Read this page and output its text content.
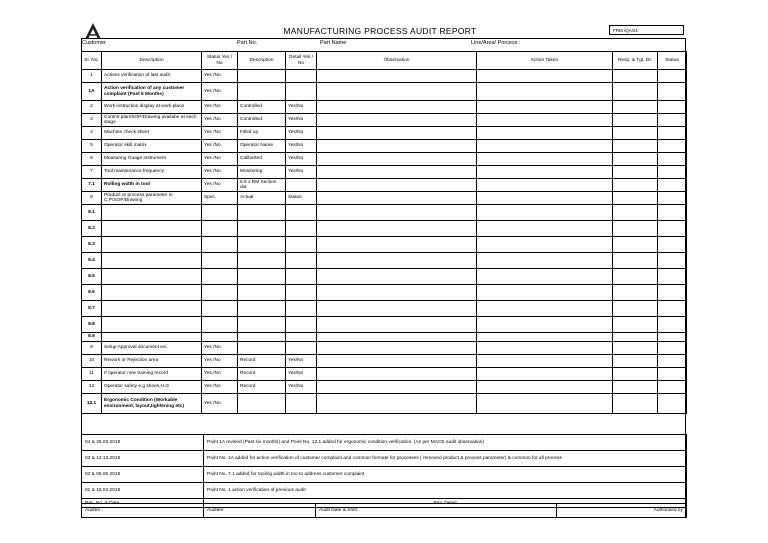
MANUFACTURING PROCESS AUDIT REPORT	FRM /QA/21
Customer	Part No.	Part Name	Line/Area/ Porcess :
Sl. No.	Description	Status Yes / No	Description	Detail Yes / No	Observation	Action Taken	Resp. & Tgt. Dt.	Status
1	Actions verification of last audit	Yes /No						
1A	Action verification of any customer complaint (Past 6 Months)	Yes /No						
2	Work instruction display at work place	Yes /No	Controlled	Yes/No				
3	Control plan/SOP/Drawing availabe at each stage	Yes /No	Controlled	Yes/No				
4	Machine check sheet	Yes /No	Filled up	Yes/No				
5	Operator skill matrix	Yes /No	Operator Name	Yes/No				
6	Measuring Guage instrument	Yes /No	Calibarted	Yes/No				
7	Tool maintenance frequency	Yes /No	Monitoring	Yes/No				
7.1	Rolling width in tool	Yes /No	5.5 x RM Section dia					
8	Product or process parameter in C.P/SOP/Drawing	Spec.	Actual	Status				
8.1								
8.2								
8.3								
8.4								
8.5								
8.6								
8.7								
8.8								
8.9								
9	Setup Approval document evi.	Yes /No						
10	Rework or Rejection area	Yes /No	Record	Yes/No				
11	If operator new training record	Yes /No	Record	Yes/No				
12	Operator safety e.g shoes,H.G	Yes /No	Record	Yes/No				
12.1	Ergonomic Condition (Workable environment, layout,tightening etc)	Yes /No						
04 & 25.03.2019	Point 1A revised (Past six months) and Point No. 12.1 added for ergonomic condition verification. (As per MACE audit observation)
03 & 12.12.2018	Point No. 1A added for action verification of customer complaint and common formate for processes ( removed product & process parameter) & common for all process
02 & 06.06.2018	Point No. 7.1 added for rooling width in too to address customer complaint
01 & 16.04.2018	Point No. 1 action verification of previous audit
Rev. No. & Date	Rev. Detail
Auditor :	Auditee:	Audit Date & Shift:	Authorised by
